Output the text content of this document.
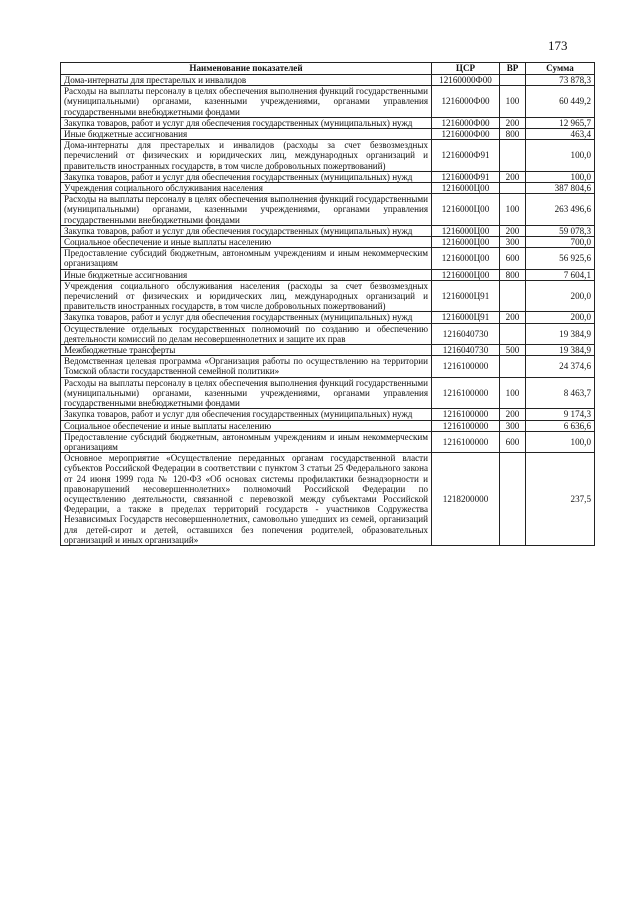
173
Наименование показателей	ЦСР	ВР	Сумма
Дома-интернаты для престарелых и инвалидов	12160000Ф00		73 878,3
Расходы на выплаты персоналу в целях обеспечения выполнения функций государственными (муниципальными) органами, казенными учреждениями, органами управления государственными внебюджетными фондами	1216000Ф00	100	60 449,2
Закупка товаров, работ и услуг для обеспечения государственных (муниципальных) нужд	1216000Ф00	200	12 965,7
Иные бюджетные ассигнования	1216000Ф00	800	463,4
Дома-интернаты для престарелых и инвалидов (расходы за счет безвозмездных перечислений от физических и юридических лиц, международных организаций и правительств иностранных государств, в том числе добровольных пожертвований)	1216000Ф91		100,0
Закупка товаров, работ и услуг для обеспечения государственных (муниципальных) нужд	1216000Ф91	200	100,0
Учреждения социального обслуживания населения	1216000Ц00		387 804,6
Расходы на выплаты персоналу в целях обеспечения выполнения функций государственными (муниципальными) органами, казенными учреждениями, органами управления государственными внебюджетными фондами	1216000Ц00	100	263 496,6
Закупка товаров, работ и услуг для обеспечения государственных (муниципальных) нужд	1216000Ц00	200	59 078,3
Социальное обеспечение и иные выплаты населению	1216000Ц00	300	700,0
Предоставление субсидий бюджетным, автономным учреждениям и иным некоммерческим организациям	1216000Ц00	600	56 925,6
Иные бюджетные ассигнования	1216000Ц00	800	7 604,1
Учреждения социального обслуживания населения (расходы за счет безвозмездных перечислений от физических и юридических лиц, международных организаций и правительств иностранных государств, в том числе добровольных пожертвований)	1216000Ц91		200,0
Закупка товаров, работ и услуг для обеспечения государственных (муниципальных) нужд	1216000Ц91	200	200,0
Осуществление отдельных государственных полномочий по созданию и обеспечению деятельности комиссий по делам несовершеннолетних и защите их прав	1216040730		19 384,9
Межбюджетные трансферты	1216040730	500	19 384,9
Ведомственная целевая программа «Организация работы по осуществлению на территории Томской области государственной семейной политики»	1216100000		24 374,6
Расходы на выплаты персоналу в целях обеспечения выполнения функций государственными (муниципальными) органами, казенными учреждениями, органами управления государственными внебюджетными фондами	1216100000	100	8 463,7
Закупка товаров, работ и услуг для обеспечения государственных (муниципальных) нужд	1216100000	200	9 174,3
Социальное обеспечение и иные выплаты населению	1216100000	300	6 636,6
Предоставление субсидий бюджетным, автономным учреждениям и иным некоммерческим организациям	1216100000	600	100,0
Основное мероприятие «Осуществление переданных органам государственной власти субъектов Российской Федерации в соответствии с пунктом 3 статьи 25 Федерального закона от 24 июня 1999 года № 120-ФЗ «Об основах системы профилактики безнадзорности и правонарушений несовершеннолетних» полномочий Российской Федерации по осуществлению деятельности, связанной с перевозкой между субъектами Российской Федерации, а также в пределах территорий государств - участников Содружества Независимых Государств несовершеннолетних, самовольно ушедших из семей, организаций для детей-сирот и детей, оставшихся без попечения родителей, образовательных организаций и иных организаций»	1218200000		237,5
